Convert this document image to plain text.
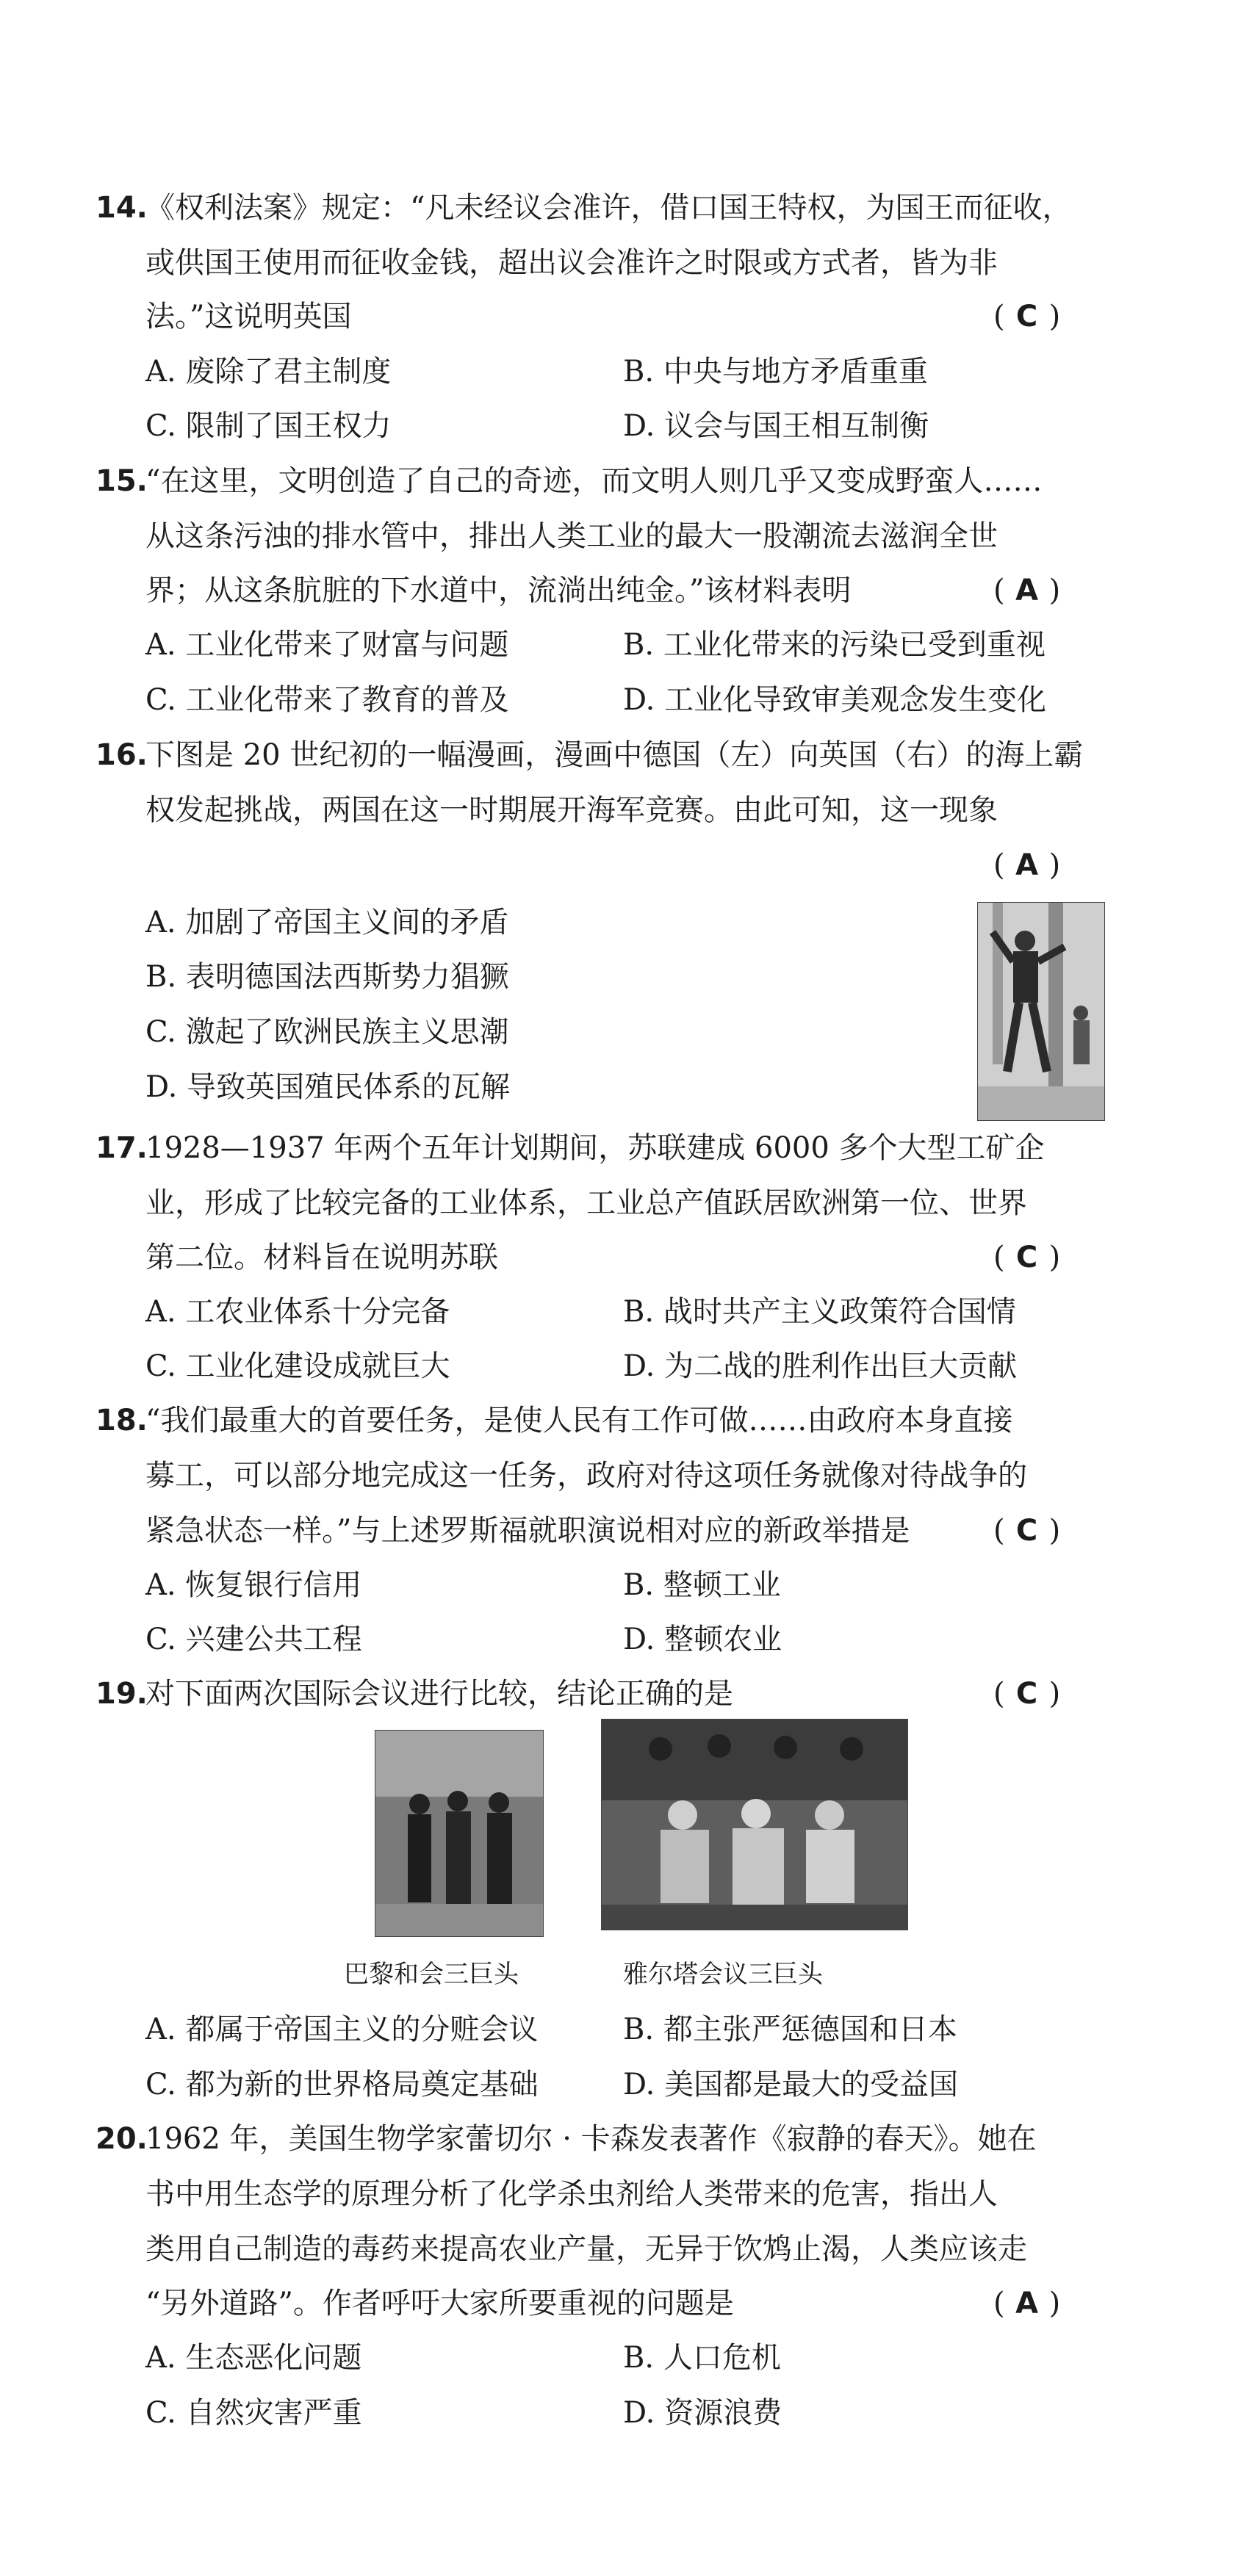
14.
《权利法案》规定：“凡未经议会准许，借口国王特权，为国王而征收，
或供国王使用而征收金钱，超出议会准许之时限或方式者，皆为非
法。”这说明英国	( C )
A. 废除了君主制度	B. 中央与地方矛盾重重
C. 限制了国王权力	D. 议会与国王相互制衡
15.
“在这里，文明创造了自己的奇迹，而文明人则几乎又变成野蛮人……
从这条污浊的排水管中，排出人类工业的最大一股潮流去滋润全世
界；从这条肮脏的下水道中，流淌出纯金。”该材料表明	( A )
A. 工业化带来了财富与问题	B. 工业化带来的污染已受到重视
C. 工业化带来了教育的普及	D. 工业化导致审美观念发生变化
16.
下图是 20 世纪初的一幅漫画，漫画中德国（左）向英国（右）的海上霸
权发起挑战，两国在这一时期展开海军竞赛。由此可知，这一现象
( A )
A. 加剧了帝国主义间的矛盾
B. 表明德国法西斯势力猖獗
C. 激起了欧洲民族主义思潮
D. 导致英国殖民体系的瓦解
17.
1928—1937 年两个五年计划期间，苏联建成 6000 多个大型工矿企
业，形成了比较完备的工业体系，工业总产值跃居欧洲第一位、世界
第二位。材料旨在说明苏联	( C )
A. 工农业体系十分完备	B. 战时共产主义政策符合国情
C. 工业化建设成就巨大	D. 为二战的胜利作出巨大贡献
18.
“我们最重大的首要任务，是使人民有工作可做……由政府本身直接
募工，可以部分地完成这一任务，政府对待这项任务就像对待战争的
紧急状态一样。”与上述罗斯福就职演说相对应的新政举措是	( C )
A. 恢复银行信用	B. 整顿工业
C. 兴建公共工程	D. 整顿农业
19.
对下面两次国际会议进行比较，结论正确的是	( C )
巴黎和会三巨头	雅尔塔会议三巨头
A. 都属于帝国主义的分赃会议	B. 都主张严惩德国和日本
C. 都为新的世界格局奠定基础	D. 美国都是最大的受益国
20.
1962 年，美国生物学家蕾切尔 · 卡森发表著作《寂静的春天》。她在
书中用生态学的原理分析了化学杀虫剂给人类带来的危害，指出人
类用自己制造的毒药来提高农业产量，无异于饮鸩止渴，人类应该走
“另外道路”。作者呼吁大家所要重视的问题是	( A )
A. 生态恶化问题	B. 人口危机
C. 自然灾害严重	D. 资源浪费
